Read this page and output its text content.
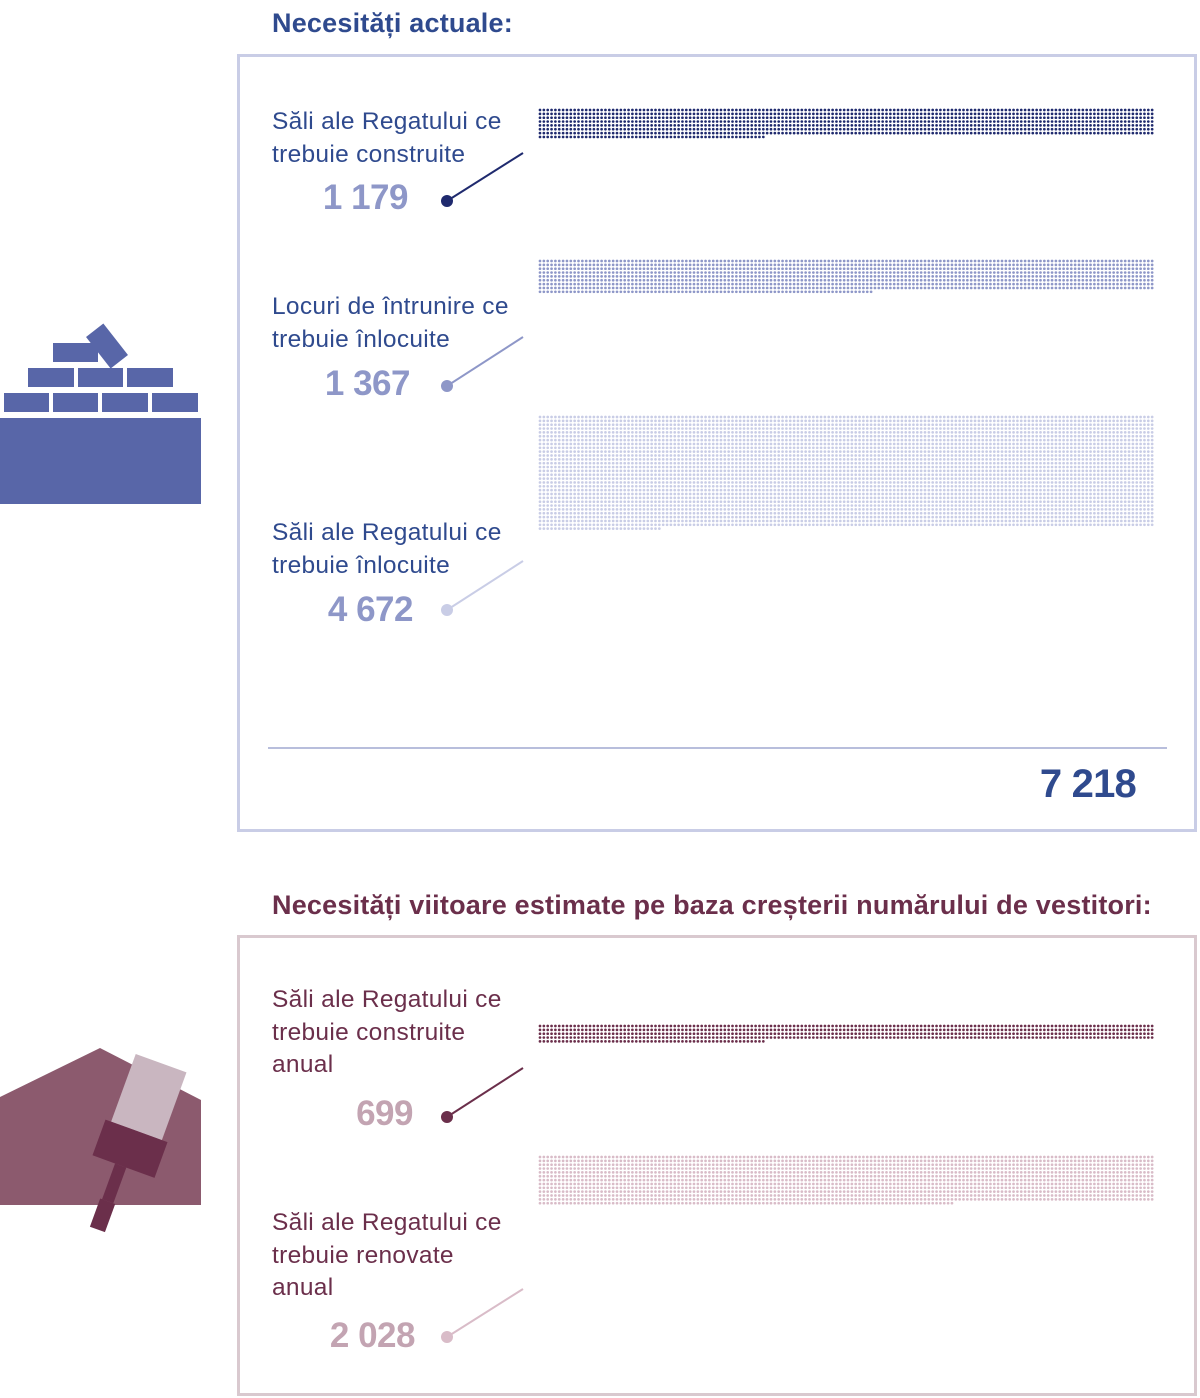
Necesități actuale:

Săli ale Regatului ce
trebuie construite

1 179

Locuri de întrunire ce
trebuie înlocuite

1 367

Săli ale Regatului ce
trebuie înlocuite

4 672
7 218
Necesități viitoare estimate pe baza creșterii numărului de vestitori:

Săli ale Regatului ce
trebuie construite
anual

699

Săli ale Regatului ce
trebuie renovate
anual

2 028
